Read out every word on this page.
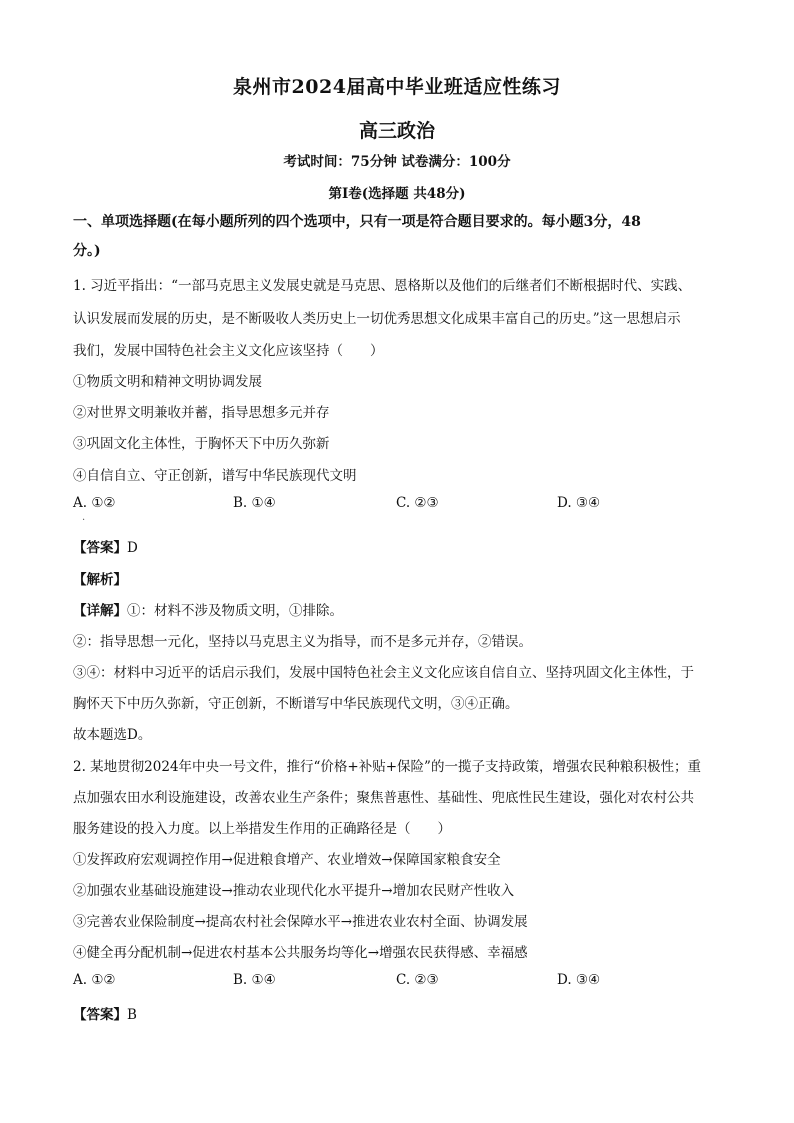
泉州市2024届高中毕业班适应性练习
高三政治
考试时间：75分钟 试卷满分：100分
第Ⅰ卷(选择题 共48分)
一、单项选择题(在每小题所列的四个选项中，只有一项是符合题目要求的。每小题3分，48
分。)
1. 习近平指出：“一部马克思主义发展史就是马克思、恩格斯以及他们的后继者们不断根据时代、实践、
认识发展而发展的历史，是不断吸收人类历史上一切优秀思想文化成果丰富自己的历史。”这一思想启示
我们，发展中国特色社会主义文化应该坚持（　　）
①物质文明和精神文明协调发展
②对世界文明兼收并蓄，指导思想多元并存
③巩固文化主体性，于胸怀天下中历久弥新
④自信自立、守正创新，谱写中华民族现代文明
A. ①②	B. ①④	C. ②③	D. ③④
.
【答案】D
【解析】
【详解】①：材料不涉及物质文明，①排除。
②：指导思想一元化，坚持以马克思主义为指导，而不是多元并存，②错误。
③④：材料中习近平的话启示我们，发展中国特色社会主义文化应该自信自立、坚持巩固文化主体性，于
胸怀天下中历久弥新，守正创新，不断谱写中华民族现代文明，③④正确。
故本题选D。
2. 某地贯彻2024年中央一号文件，推行“价格+补贴+保险”的一揽子支持政策，增强农民种粮积极性；重
点加强农田水利设施建设，改善农业生产条件；聚焦普惠性、基础性、兜底性民生建设，强化对农村公共
服务建设的投入力度。以上举措发生作用的正确路径是（　　）
①发挥政府宏观调控作用→促进粮食增产、农业增效→保障国家粮食安全
②加强农业基础设施建设→推动农业现代化水平提升→增加农民财产性收入
③完善农业保险制度→提高农村社会保障水平→推进农业农村全面、协调发展
④健全再分配机制→促进农村基本公共服务均等化→增强农民获得感、幸福感
A. ①②	B. ①④	C. ②③	D. ③④
【答案】B
